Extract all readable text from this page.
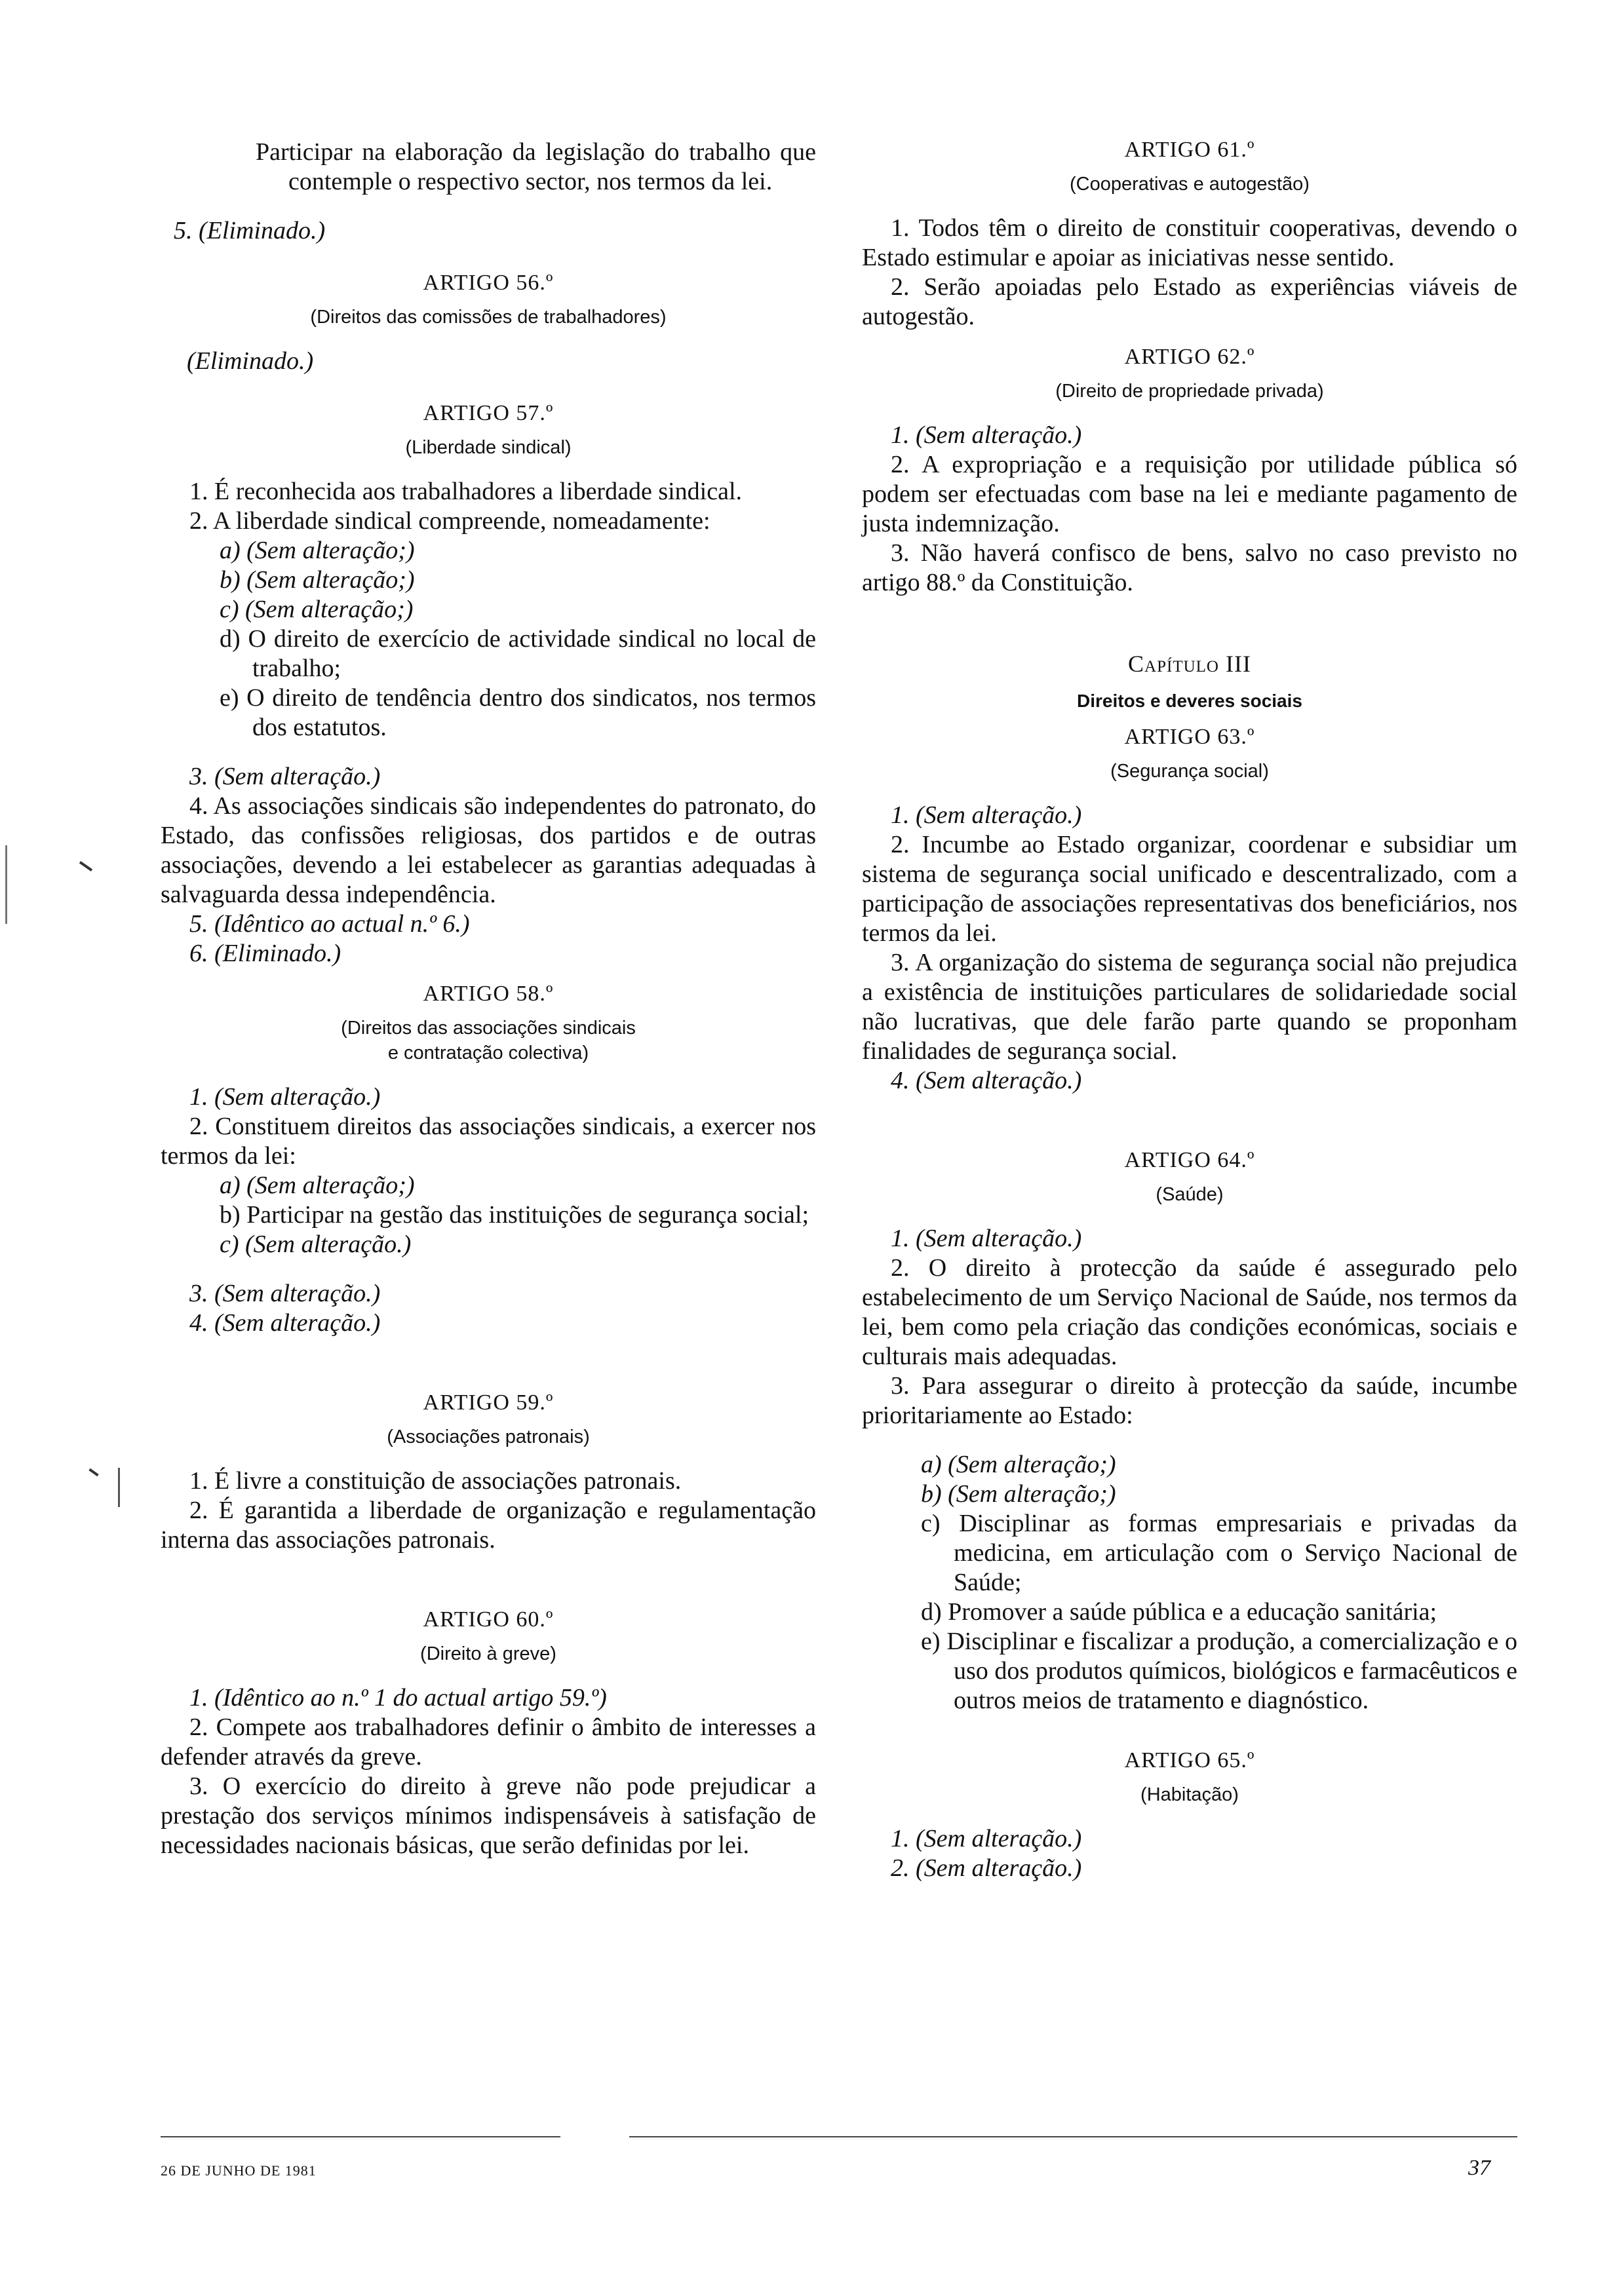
Participar na elaboração da legislação do trabalho que contemple o respectivo sector, nos termos da lei.

5. (Eliminado.)

ARTIGO 56.º
(Direitos das comissões de trabalhadores)

(Eliminado.)

ARTIGO 57.º
(Liberdade sindical)

1. É reconhecida aos trabalhadores a liberdade sindical.

2. A liberdade sindical compreende, nomeadamente:

a) (Sem alteração;)

b) (Sem alteração;)

c) (Sem alteração;)

d) O direito de exercício de actividade sindical no local de trabalho;

e) O direito de tendência dentro dos sindicatos, nos termos dos estatutos.

3. (Sem alteração.)

4. As associações sindicais são independentes do patronato, do Estado, das confissões religiosas, dos partidos e de outras associações, devendo a lei estabelecer as garantias adequadas à salvaguarda dessa independência.

5. (Idêntico ao actual n.º 6.)

6. (Eliminado.)

ARTIGO 58.º
(Direitos das associações sindicais
e contratação colectiva)

1. (Sem alteração.)

2. Constituem direitos das associações sindicais, a exercer nos termos da lei:

a) (Sem alteração;)

b) Participar na gestão das instituições de segurança social;

c) (Sem alteração.)

3. (Sem alteração.)

4. (Sem alteração.)

ARTIGO 59.º
(Associações patronais)

1. É livre a constituição de associações patronais.

2. É garantida a liberdade de organização e regulamentação interna das associações patronais.

ARTIGO 60.º
(Direito à greve)

1. (Idêntico ao n.º 1 do actual artigo 59.º)

2. Compete aos trabalhadores definir o âmbito de interesses a defender através da greve.

3. O exercício do direito à greve não pode prejudicar a prestação dos serviços mínimos indispensáveis à satisfação de necessidades nacionais básicas, que serão definidas por lei.

ARTIGO 61.º
(Cooperativas e autogestão)

1. Todos têm o direito de constituir cooperativas, devendo o Estado estimular e apoiar as iniciativas nesse sentido.

2. Serão apoiadas pelo Estado as experiências viáveis de autogestão.

ARTIGO 62.º
(Direito de propriedade privada)

1. (Sem alteração.)

2. A expropriação e a requisição por utilidade pública só podem ser efectuadas com base na lei e mediante pagamento de justa indemnização.

3. Não haverá confisco de bens, salvo no caso previsto no artigo 88.º da Constituição.

Capítulo III
Direitos e deveres sociais
ARTIGO 63.º
(Segurança social)

1. (Sem alteração.)

2. Incumbe ao Estado organizar, coordenar e subsidiar um sistema de segurança social unificado e descentralizado, com a participação de associações representativas dos beneficiários, nos termos da lei.

3. A organização do sistema de segurança social não prejudica a existência de instituições particulares de solidariedade social não lucrativas, que dele farão parte quando se proponham finalidades de segurança social.

4. (Sem alteração.)

ARTIGO 64.º
(Saúde)

1. (Sem alteração.)

2. O direito à protecção da saúde é assegurado pelo estabelecimento de um Serviço Nacional de Saúde, nos termos da lei, bem como pela criação das condições económicas, sociais e culturais mais adequadas.

3. Para assegurar o direito à protecção da saúde, incumbe prioritariamente ao Estado:

a) (Sem alteração;)

b) (Sem alteração;)

c) Disciplinar as formas empresariais e privadas da medicina, em articulação com o Serviço Nacional de Saúde;

d) Promover a saúde pública e a educação sanitária;

e) Disciplinar e fiscalizar a produção, a comercialização e o uso dos produtos químicos, biológicos e farmacêuticos e outros meios de tratamento e diagnóstico.

ARTIGO 65.º
(Habitação)

1. (Sem alteração.)

2. (Sem alteração.)

26 DE JUNHO DE 1981	37
